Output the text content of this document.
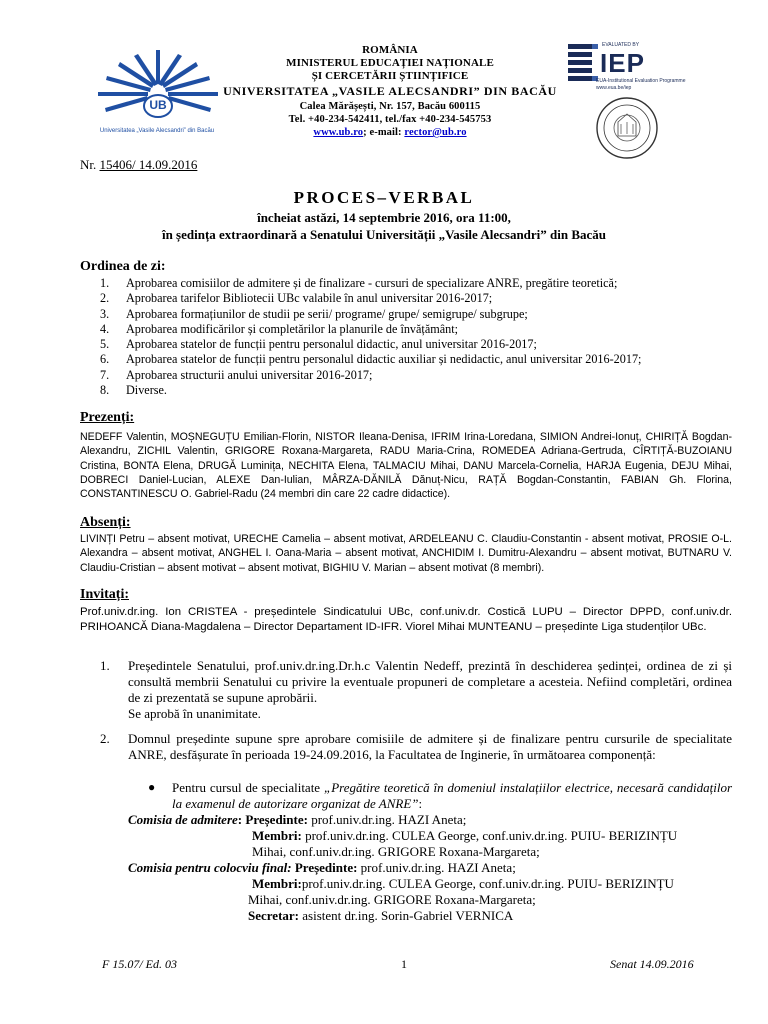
UB
Universitatea „Vasile Alecsandri” din Bacău
ROMÂNIA
MINISTERUL EDUCAȚIEI NAȚIONALE
ȘI CERCETĂRII ȘTIINȚIFICE
UNIVERSITATEA „VASILE ALECSANDRI” DIN BACĂU
Calea Mărășești, Nr. 157, Bacău 600115
Tel. +40-234-542411, tel./fax +40-234-545753
www.ub.ro; e-mail: rector@ub.ro
EVALUATED BY
IEP
EUA-Institutional Evaluation Programme
www.eua.be/iep
Nr. 15406/ 14.09.2016
PROCES–VERBAL
încheiat astăzi, 14 septembrie 2016, ora 11:00,
în ședința extraordinară a Senatului Universității „Vasile Alecsandri” din Bacău
Ordinea de zi:
1. Aprobarea comisiilor de admitere și de finalizare - cursuri de specializare ANRE, pregătire teoretică;
2. Aprobarea tarifelor Bibliotecii UBc valabile în anul universitar 2016-2017;
3. Aprobarea formațiunilor de studii pe serii/ programe/ grupe/ semigrupe/ subgrupe;
4. Aprobarea modificărilor și completărilor la planurile de învățământ;
5. Aprobarea statelor de funcții pentru personalul didactic, anul universitar 2016-2017;
6. Aprobarea statelor de funcții pentru personalul didactic auxiliar și nedidactic, anul universitar 2016-2017;
7. Aprobarea structurii anului universitar 2016-2017;
8. Diverse.
Prezenți:
NEDEFF Valentin, MOȘNEGUȚU Emilian-Florin, NISTOR Ileana-Denisa, IFRIM Irina-Loredana, SIMION Andrei-Ionuț, CHIRIȚĂ Bogdan-Alexandru, ZICHIL Valentin, GRIGORE Roxana-Margareta, RADU Maria-Crina, ROMEDEA Adriana-Gertruda, CÎRTIȚĂ-BUZOIANU Cristina, BONTA Elena, DRUGĂ Luminița, NECHITA Elena, TALMACIU Mihai, DANU Marcela-Cornelia, HARJA Eugenia, DEJU Mihai, DOBRECI Daniel-Lucian, ALEXE Dan-Iulian, MÂRZA-DĂNILĂ Dănuț-Nicu, RAȚĂ Bogdan-Constantin, FABIAN Gh. Florina, CONSTANTINESCU O. Gabriel-Radu (24 membri din care 22 cadre didactice).
Absenți:
LIVINȚI Petru – absent motivat, URECHE Camelia – absent motivat, ARDELEANU C. Claudiu-Constantin - absent motivat, PROSIE O-L. Alexandra – absent motivat, ANGHEL I. Oana-Maria – absent motivat, ANCHIDIM I. Dumitru-Alexandru – absent motivat, BUTNARU V. Claudiu-Cristian – absent motivat – absent motivat, BIGHIU V. Marian – absent motivat (8 membri).
Invitați:
Prof.univ.dr.ing. Ion CRISTEA - președintele Sindicatului UBc, conf.univ.dr. Costică LUPU – Director DPPD, conf.univ.dr. PRIHOANCĂ Diana-Magdalena – Director Departament ID-IFR. Viorel Mihai MUNTEANU – președinte Liga studenților UBc.
1. Președintele Senatului, prof.univ.dr.ing.Dr.h.c Valentin Nedeff, prezintă în deschiderea ședinței, ordinea de zi și consultă membrii Senatului cu privire la eventuale propuneri de completare a acesteia. Nefiind completări, ordinea de zi prezentată se supune aprobării.
Se aprobă în unanimitate.
2. Domnul președinte supune spre aprobare comisiile de admitere și de finalizare pentru cursurile de specialitate ANRE, desfășurate în perioada 19-24.09.2016, la Facultatea de Inginerie, în următoarea componență:
● Pentru cursul de specialitate „Pregătire teoretică în domeniul instalațiilor electrice, necesară candidaților la examenul de autorizare organizat de ANRE”:
Comisia de admitere: Președinte: prof.univ.dr.ing. HAZI Aneta;
Membri: prof.univ.dr.ing. CULEA George, conf.univ.dr.ing. PUIU- BERIZINȚU
Mihai, conf.univ.dr.ing. GRIGORE Roxana-Margareta;
Comisia pentru colocviu final: Președinte: prof.univ.dr.ing. HAZI Aneta;
Membri:prof.univ.dr.ing. CULEA George, conf.univ.dr.ing. PUIU- BERIZINȚU
Mihai, conf.univ.dr.ing. GRIGORE Roxana-Margareta;
Secretar: asistent dr.ing. Sorin-Gabriel VERNICA
F 15.07/ Ed. 03	1	Senat 14.09.2016
